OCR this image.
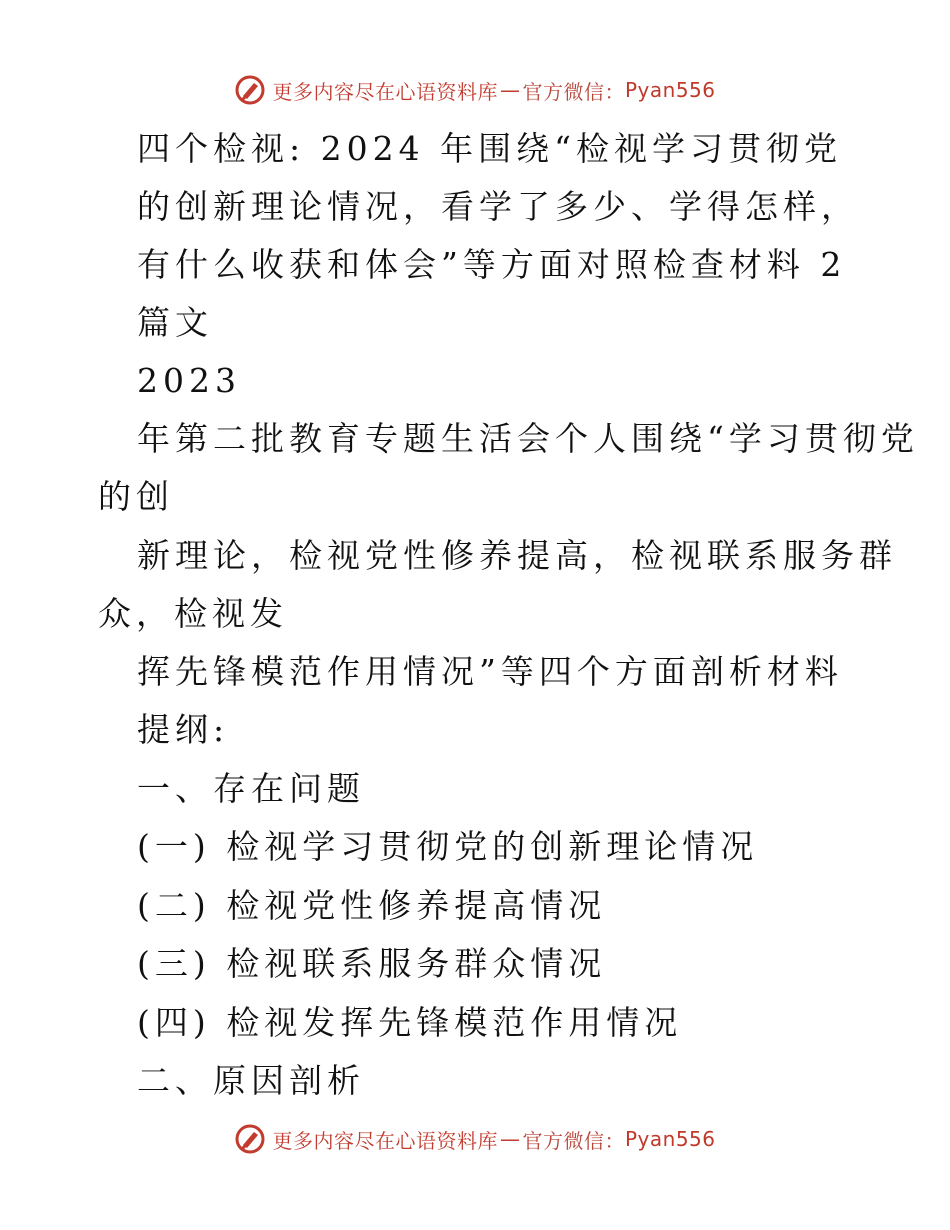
更多内容尽在心语资料库 — 官方微信： Pyan556
四个检视: 2024 年围绕“检视学习贯彻党
的创新理论情况，看学了多少、学得怎样，
有什么收获和体会”等方面对照检查材料 2
篇文
2023
年第二批教育专题生活会个人围绕“学习贯彻党
的创
新理论，检视党性修养提高，检视联系服务群
众，检视发
挥先锋模范作用情况”等四个方面剖析材料
提纲:
一、存在问题
(一) 检视学习贯彻党的创新理论情况
(二) 检视党性修养提高情况
(三) 检视联系服务群众情况
(四) 检视发挥先锋模范作用情况
二、原因剖析
更多内容尽在心语资料库 — 官方微信： Pyan556
